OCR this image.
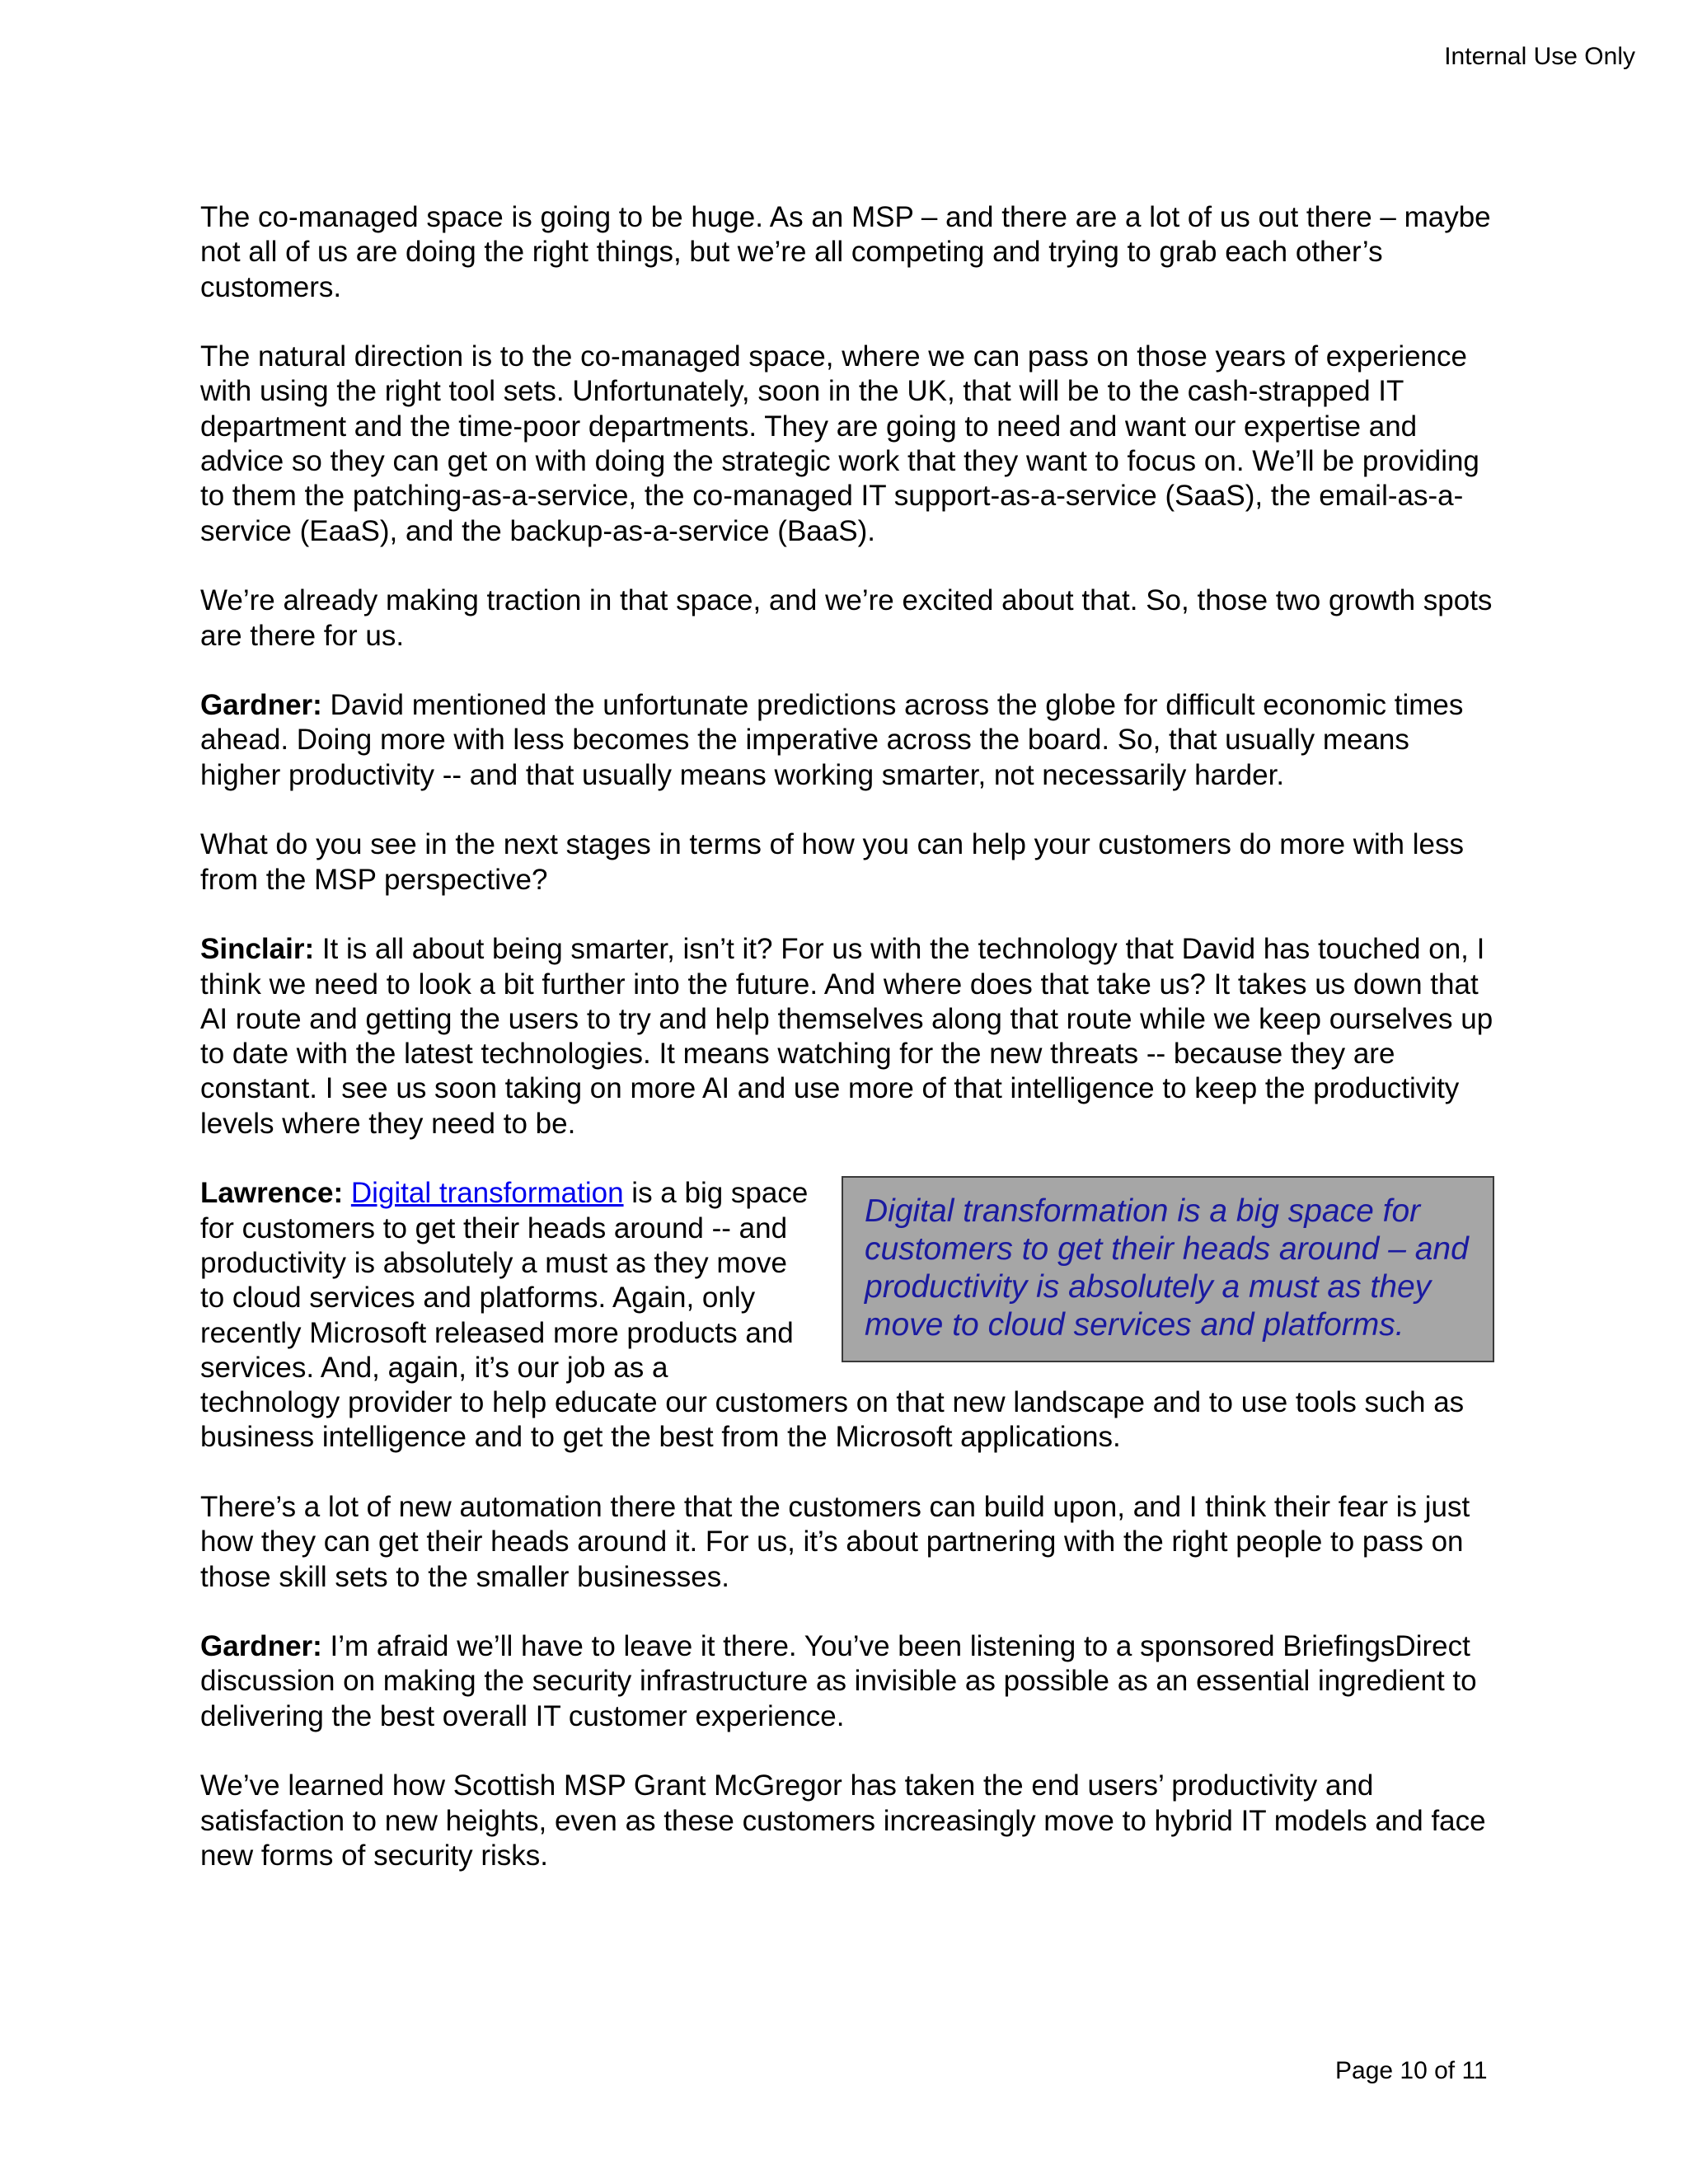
Internal Use Only

The co-managed space is going to be huge. As an MSP – and there are a lot of us out there – maybe not all of us are doing the right things, but we’re all competing and trying to grab each other’s customers.

The natural direction is to the co-managed space, where we can pass on those years of experience with using the right tool sets. Unfortunately, soon in the UK, that will be to the cash-strapped IT department and the time-poor departments. They are going to need and want our expertise and advice so they can get on with doing the strategic work that they want to focus on. We’ll be providing to them the patching-as-a-service, the co-managed IT support-as-a-service (SaaS), the email-as-a-service (EaaS), and the backup-as-a-service (BaaS).

We’re already making traction in that space, and we’re excited about that. So, those two growth spots are there for us.

Gardner: David mentioned the unfortunate predictions across the globe for difficult economic times ahead. Doing more with less becomes the imperative across the board. So, that usually means higher productivity -- and that usually means working smarter, not necessarily harder.

What do you see in the next stages in terms of how you can help your customers do more with less from the MSP perspective?

Sinclair: It is all about being smarter, isn’t it? For us with the technology that David has touched on, I think we need to look a bit further into the future. And where does that take us? It takes us down that AI route and getting the users to try and help themselves along that route while we keep ourselves up to date with the latest technologies. It means watching for the new threats -- because they are constant. I see us soon taking on more AI and use more of that intelligence to keep the productivity levels where they need to be.

Digital transformation is a big space for customers to get their heads around – and productivity is absolutely a must as they move to cloud services and platforms.
Lawrence: Digital transformation is a big space for customers to get their heads around -- and productivity is absolutely a must as they move to cloud services and platforms. Again, only recently Microsoft released more products and services. And, again, it’s our job as a technology provider to help educate our customers on that new landscape and to use tools such as business intelligence and to get the best from the Microsoft applications.

There’s a lot of new automation there that the customers can build upon, and I think their fear is just how they can get their heads around it. For us, it’s about partnering with the right people to pass on those skill sets to the smaller businesses.

Gardner: I’m afraid we’ll have to leave it there. You’ve been listening to a sponsored BriefingsDirect discussion on making the security infrastructure as invisible as possible as an essential ingredient to delivering the best overall IT customer experience.

We’ve learned how Scottish MSP Grant McGregor has taken the end users’ productivity and satisfaction to new heights, even as these customers increasingly move to hybrid IT models and face new forms of security risks.

Page 10 of 11
